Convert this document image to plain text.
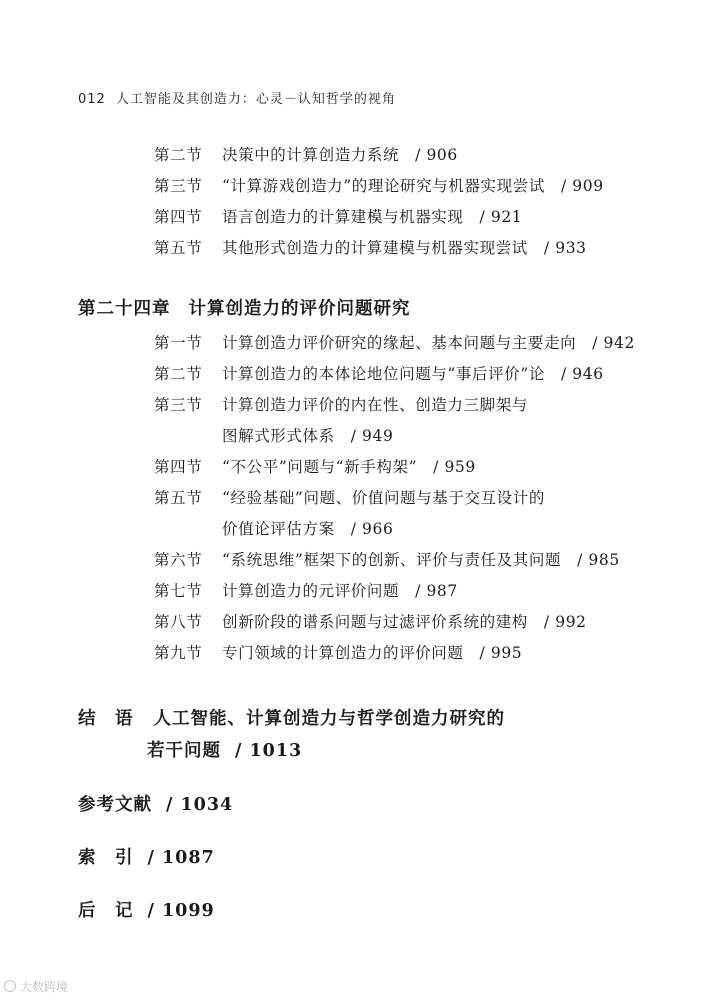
012 人工智能及其创造力：心灵－认知哲学的视角
第二节 决策中的计算创造力系统 / 906
第三节 “计算游戏创造力”的理论研究与机器实现尝试 / 909
第四节 语言创造力的计算建模与机器实现 / 921
第五节 其他形式创造力的计算建模与机器实现尝试 / 933
第二十四章 计算创造力的评价问题研究
第一节 计算创造力评价研究的缘起、基本问题与主要走向 / 942
第二节 计算创造力的本体论地位问题与“事后评价”论 / 946
第三节 计算创造力评价的内在性、创造力三脚架与
图解式形式体系 / 949
第四节 “不公平”问题与“新手构架” / 959
第五节 “经验基础”问题、价值问题与基于交互设计的
价值论评估方案 / 966
第六节 “系统思维”框架下的创新、评价与责任及其问题 / 985
第七节 计算创造力的元评价问题 / 987
第八节 创新阶段的谱系问题与过滤评价系统的建构 / 992
第九节 专门领域的计算创造力的评价问题 / 995
结　语 人工智能、计算创造力与哲学创造力研究的
若干问题 / 1013
参考文献 / 1034
索　引 / 1087
后　记 / 1099
大数跨境
